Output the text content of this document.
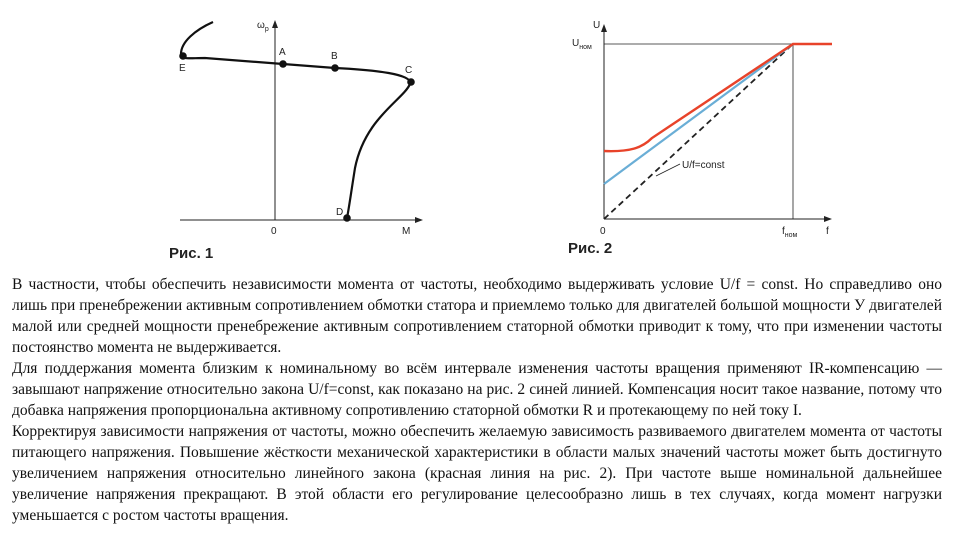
E
A	B
C
D
$\omega_р$
0	M
Рис. 1
U/f=const
U
$U_{ном}$
0	$f_{ном}$	f
Рис. 2

В частности, чтобы обеспечить независимости момента от частоты, необходимо выдерживать условие U/f = const. Но справедливо оно лишь при пренебрежении активным сопротивлением обмотки статора и приемлемо только для двигателей большой мощности У двигателей малой или средней мощности пренебрежение активным сопротивлением статорной обмотки приводит к тому, что при изменении частоты постоянство момента не выдерживается.

Для поддержания момента близким к номинальному во всём интервале изменения частоты вращения применяют IR-компенсацию — завышают напряжение относительно закона U/f=const, как показано на рис. 2 синей линией. Компенсация носит такое название, потому что добавка напряжения пропорциональна активному сопротивлению статорной обмотки R и протекающему по ней току I.

Корректируя зависимости напряжения от частоты, можно обеспечить желаемую зависимость развиваемого двигателем момента от частоты питающего напряжения. Повышение жёсткости механической характеристики в области малых значений частоты может быть достигнуто увеличением напряжения относительно линейного закона (красная линия на рис. 2). При частоте выше номинальной дальнейшее увеличение напряжения прекращают. В этой области его регулирование целесообразно лишь в тех случаях, когда момент нагрузки уменьшается с ростом частоты вращения.
